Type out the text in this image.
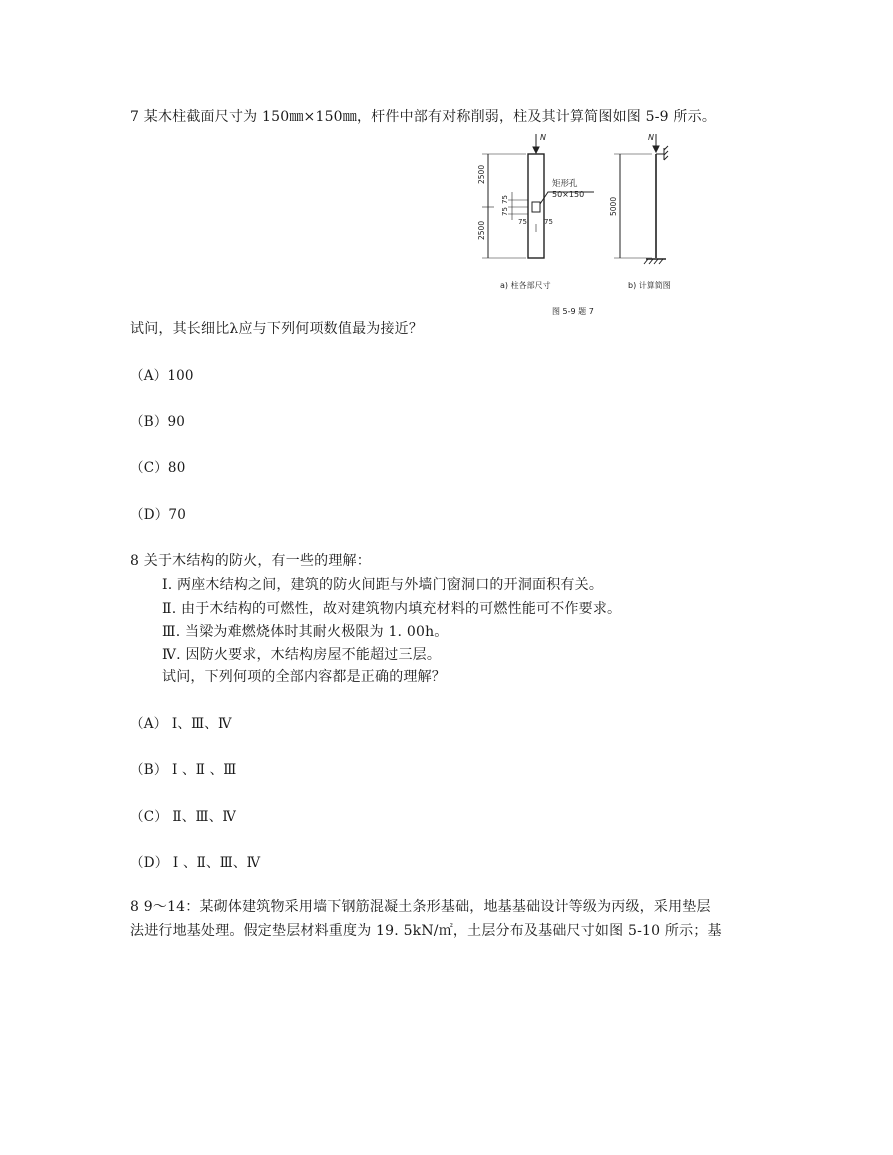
7 某木柱截面尺寸为 150㎜×150㎜，杆件中部有对称削弱，柱及其计算简图如图 5-9 所示。
N
矩形孔
50×150
2500
2500
75
75
75 75
N
5000
a) 柱各部尺寸	b) 计算简图
图 5-9 题 7
试问，其长细比λ应与下列何项数值最为接近？
（A）100
（B）90
（C）80
（D）70
8 关于木结构的防火，有一些的理解：
Ⅰ. 两座木结构之间，建筑的防火间距与外墙门窗洞口的开洞面积有关。
Ⅱ. 由于木结构的可燃性，故对建筑物内填充材料的可燃性能可不作要求。
Ⅲ. 当梁为难燃烧体时其耐火极限为 1. 00h。
Ⅳ. 因防火要求，木结构房屋不能超过三层。
试问，下列何项的全部内容都是正确的理解？
（A） Ⅰ、Ⅲ、Ⅳ
（B） Ⅰ 、Ⅱ 、Ⅲ
（C） Ⅱ、Ⅲ、Ⅳ
（D） Ⅰ 、Ⅱ、Ⅲ、Ⅳ
8 9～14：某砌体建筑物采用墙下钢筋混凝土条形基础，地基基础设计等级为丙级，采用垫层
法进行地基处理。假定垫层材料重度为 19. 5kN/㎡，土层分布及基础尺寸如图 5-10 所示；基
